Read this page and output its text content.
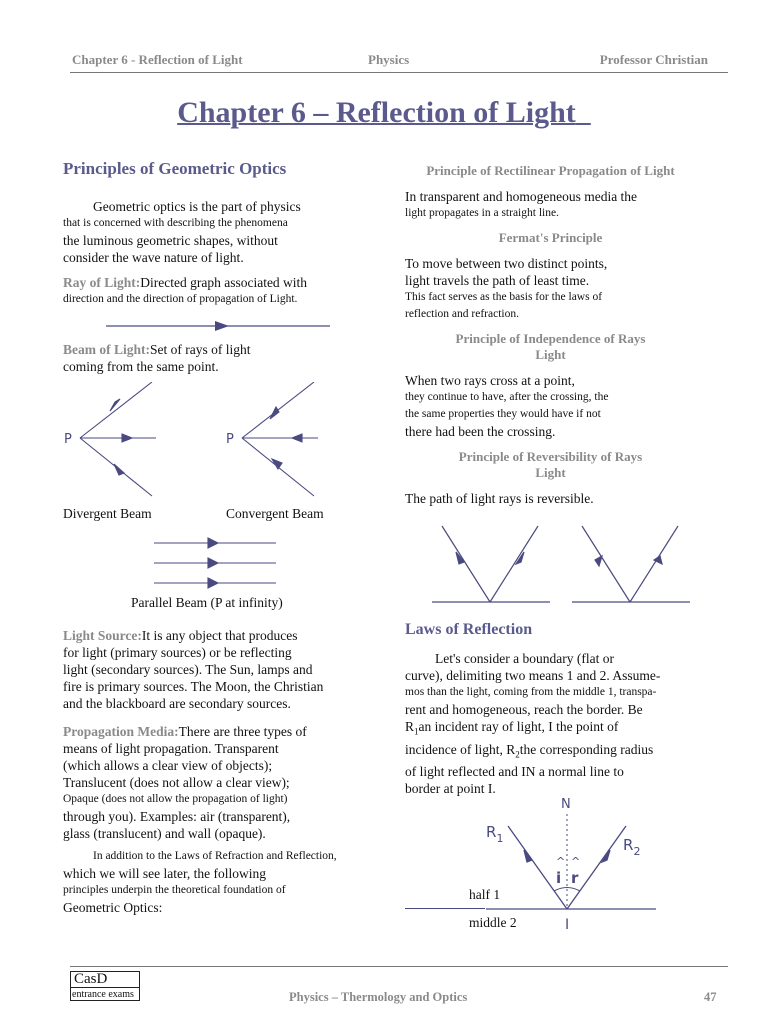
Chapter 6 - Reflection of Light	Physics	Professor Christian
Chapter 6 – Reflection of Light
Principles of Geometric Optics

Geometric optics is the part of physics

that is concerned with describing the phenomena

the luminous geometric shapes, without

consider the wave nature of light.

Ray of Light:Directed graph associated with

direction and the direction of propagation of Light.

Beam of Light:Set of rays of light

coming from the same point.

P	P
Divergent Beam	Convergent Beam
Parallel Beam (P at infinity)

Light Source:It is any object that produces

for light (primary sources) or be reflecting

light (secondary sources). The Sun, lamps and

fire is primary sources. The Moon, the Christian

and the blackboard are secondary sources.

Propagation Media:There are three types of

means of light propagation. Transparent

(which allows a clear view of objects);

Translucent (does not allow a clear view);

Opaque (does not allow the propagation of light)

through you). Examples: air (transparent),

glass (translucent) and wall (opaque).

In addition to the Laws of Refraction and Reflection,

which we will see later, the following

principles underpin the theoretical foundation of

Geometric Optics:

Principle of Rectilinear Propagation of Light

In transparent and homogeneous media the

light propagates in a straight line.

Fermat's Principle

To move between two distinct points,

light travels the path of least time.

This fact serves as the basis for the laws of

reflection and refraction.

Principle of Independence of Rays

Light

When two rays cross at a point,

they continue to have, after the crossing, the

the same properties they would have if not

there had been the crossing.

Principle of Reversibility of Rays

Light

The path of light rays is reversible.
Laws of Reflection

Let's consider a boundary (flat or

curve), delimiting two means 1 and 2. Assume-

mos than the light, coming from the middle 1, transpa-

rent and homogeneous, reach the border. Be

$R_1an$ incident ray of light, I the point of

incidence of light, $R_2the$ corresponding radius

of light reflected and IN a normal line to

border at point I.

N
$R_1$	$R_2$
^ ^
i r
I
half 1
middle 2
CasD
entrance exams	Physics – Thermology and Optics	47
